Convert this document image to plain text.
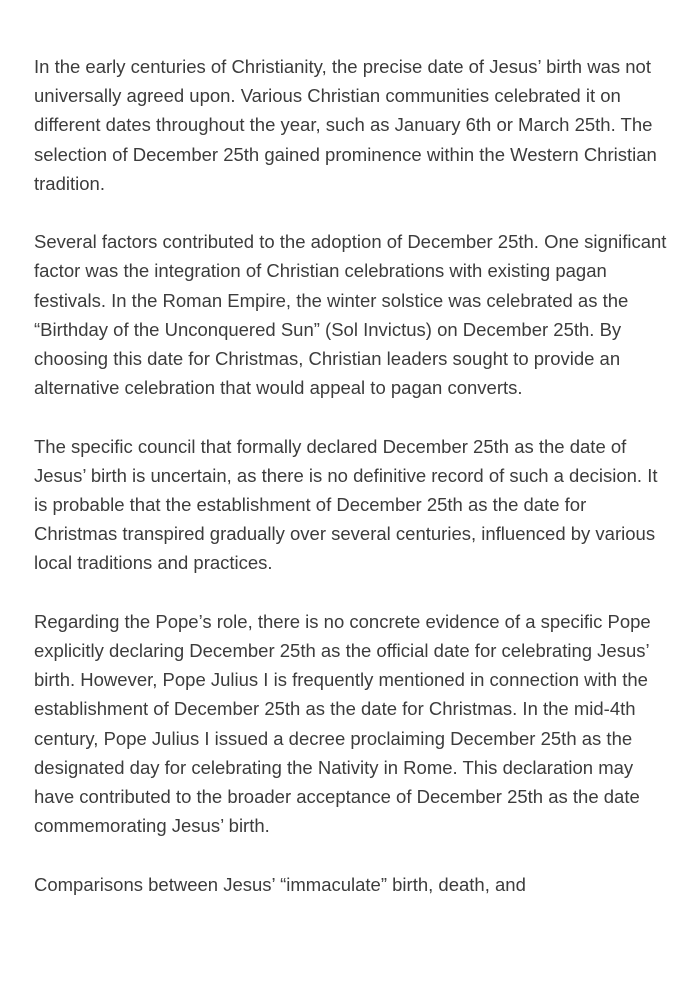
In the early centuries of Christianity, the precise date of Jesus’ birth was not universally agreed upon. Various Christian communities celebrated it on different dates throughout the year, such as January 6th or March 25th. The selection of December 25th gained prominence within the Western Christian tradition.

Several factors contributed to the adoption of December 25th. One significant factor was the integration of Christian celebrations with existing pagan festivals. In the Roman Empire, the winter solstice was celebrated as the “Birthday of the Unconquered Sun” (Sol Invictus) on December 25th. By choosing this date for Christmas, Christian leaders sought to provide an alternative celebration that would appeal to pagan converts.

The specific council that formally declared December 25th as the date of Jesus’ birth is uncertain, as there is no definitive record of such a decision. It is probable that the establishment of December 25th as the date for Christmas transpired gradually over several centuries, influenced by various local traditions and practices.

Regarding the Pope’s role, there is no concrete evidence of a specific Pope explicitly declaring December 25th as the official date for celebrating Jesus’ birth. However, Pope Julius I is frequently mentioned in connection with the establishment of December 25th as the date for Christmas. In the mid-4th century, Pope Julius I issued a decree proclaiming December 25th as the designated day for celebrating the Nativity in Rome. This declaration may have contributed to the broader acceptance of December 25th as the date commemorating Jesus’ birth.

Comparisons between Jesus’ “immaculate” birth, death, and
